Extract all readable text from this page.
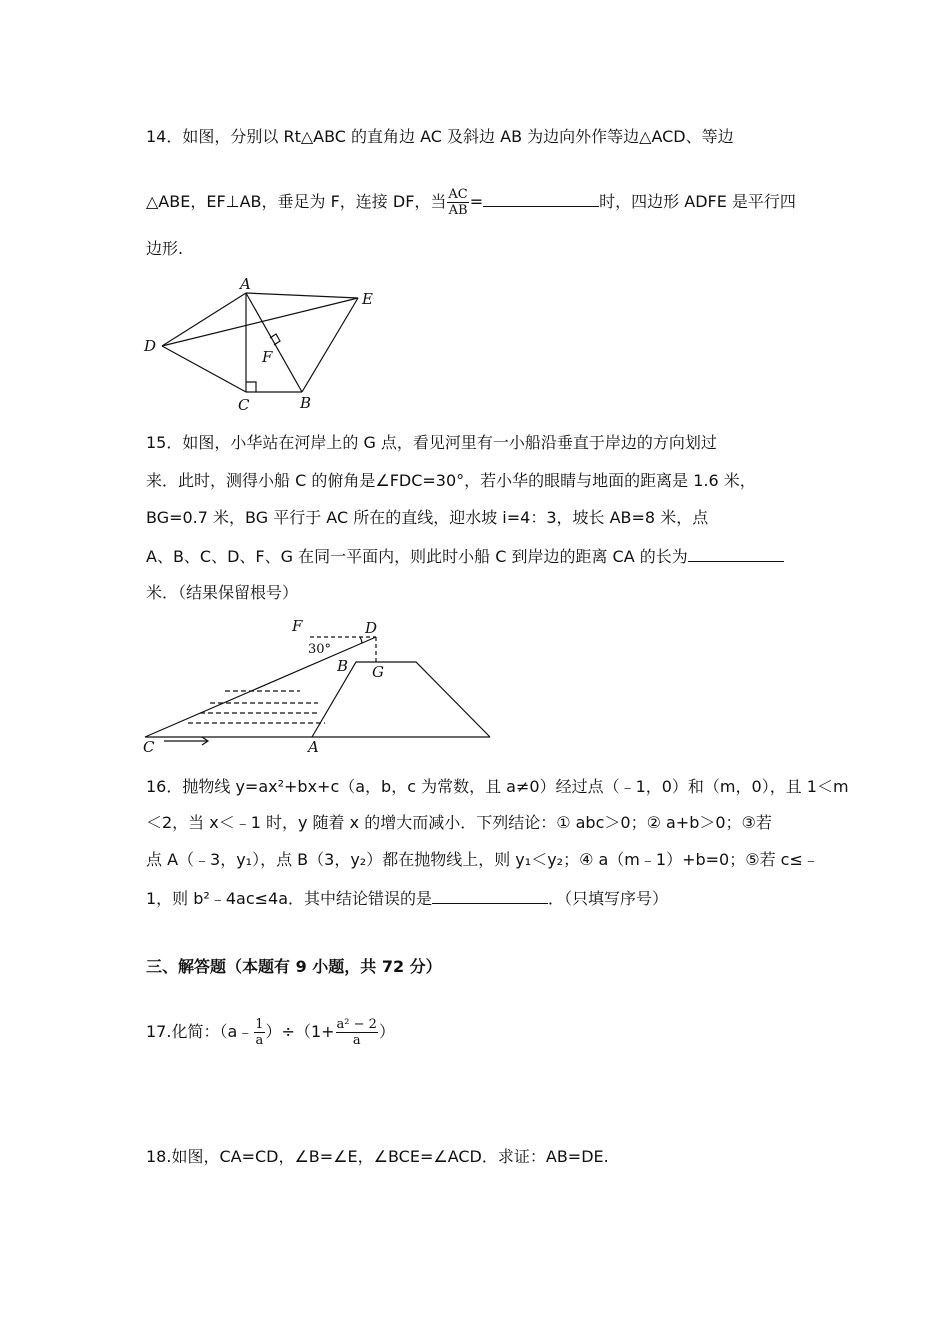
14．如图，分别以 Rt△ABC 的直角边 AC 及斜边 AB 为边向外作等边△ACD、等边
△ABE，EF⊥AB，垂足为 F，连接 DF，当 $\frac{AC}{AB}$ =	时，四边形 ADFE 是平行四
边形.
A
E
D
F
C	B
15．如图，小华站在河岸上的 G 点，看见河里有一小船沿垂直于岸边的方向划过
来．此时，测得小船 C 的俯角是∠FDC=30°，若小华的眼睛与地面的距离是 1.6 米，
BG=0.7 米，BG 平行于 AC 所在的直线，迎水坡 i=4：3，坡长 AB=8 米，点
A、B、C、D、F、G 在同一平面内，则此时小船 C 到岸边的距离 CA 的长为
米．（结果保留根号）
F	D
30°
B G
C	A
16．抛物线 y=ax²+bx+c（a，b，c 为常数，且 a≠0）经过点（﹣1，0）和（m，0），且 1＜m
＜2，当 x＜﹣1 时，y 随着 x 的增大而减小．下列结论：① abc＞0；② a+b＞0；③若
点 A（﹣3，y₁），点 B（3，y₂）都在抛物线上，则 y₁＜y₂；④ a（m﹣1）+b=0；⑤若 c≤﹣
1，则 b²﹣4ac≤4a．其中结论错误的是	．（只填写序号）
三、解答题（本题有 9 小题，共 72 分）
17.化简：（a﹣ $\frac{1}{a} )\div(1+ \frac{\text{a² − 2}}{a}$ ）
18.如图，CA=CD，∠B=∠E，∠BCE=∠ACD．求证：AB=DE.
